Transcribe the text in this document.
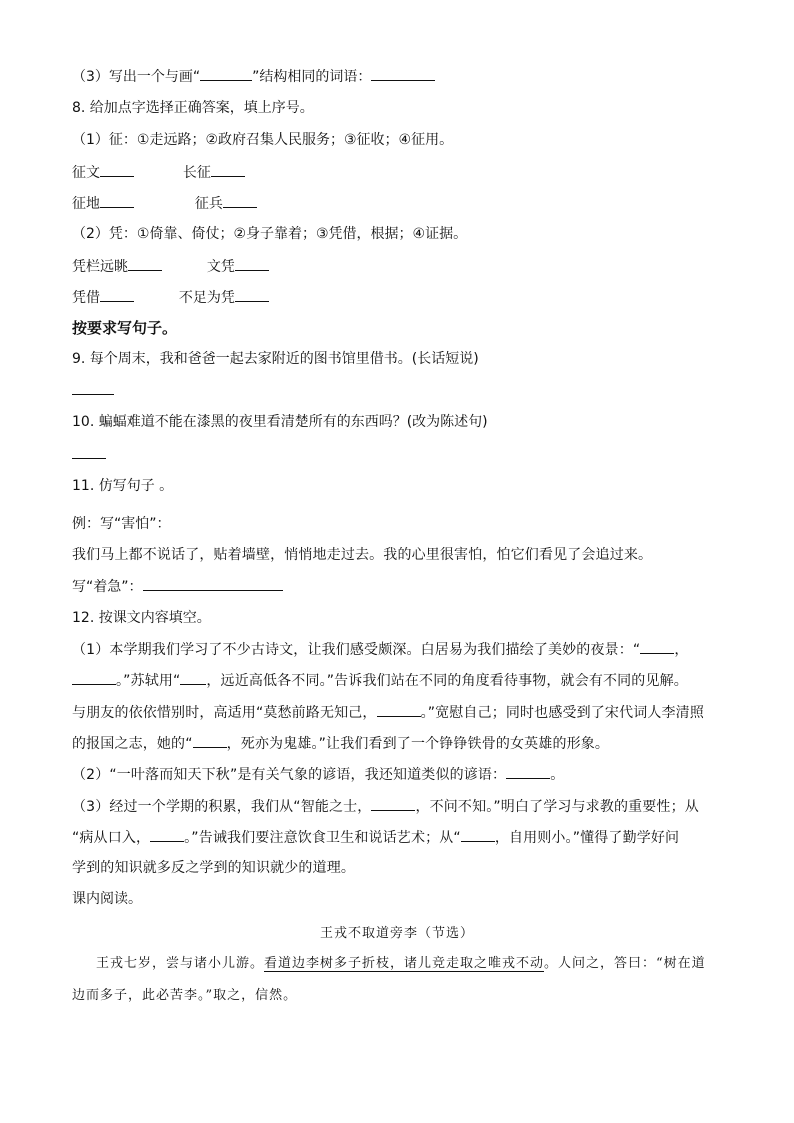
（3）写出一个与画“	”结构相同的词语：
8. 给加点字选择正确答案，填上序号。
（1）征：①走远路；②政府召集人民服务；③征收；④征用。
征文	长征
征地	征兵
（2）凭：①倚靠、倚仗；②身子靠着；③凭借，根据；④证据。
凭栏远眺	文凭
凭借	不足为凭
按要求写句子。
9. 每个周末，我和爸爸一起去家附近的图书馆里借书。(长话短说)
10. 蝙蝠难道不能在漆黑的夜里看清楚所有的东西吗？(改为陈述句)
11. 仿写句子 。
例：写“害怕”：
我们马上都不说话了，贴着墙壁，悄悄地走过去。我的心里很害怕，怕它们看见了会追过来。
写“着急”：
12. 按课文内容填空。
（1）本学期我们学习了不少古诗文，让我们感受颇深。白居易为我们描绘了美妙的夜景：“ ，
。”苏轼用“ ，远近高低各不同。”告诉我们站在不同的角度看待事物，就会有不同的见解。
与朋友的依依惜别时，高适用“莫愁前路无知己，	。”宽慰自己；同时也感受到了宋代词人李清照
的报国之志，她的“ ，死亦为鬼雄。”让我们看到了一个铮铮铁骨的女英雄的形象。
（2）“一叶落而知天下秋”是有关气象的谚语，我还知道类似的谚语：	。
（3）经过一个学期的积累，我们从“智能之士，	，不问不知。”明白了学习与求教的重要性；从
“病从口入， 。”告诫我们要注意饮食卫生和说话艺术；从“ ，自用则小。”懂得了勤学好问
学到的知识就多反之学到的知识就少的道理。
课内阅读。
王戎不取道旁李（节选）
王戎七岁，尝与诸小儿游。看道边李树多子折枝，诸儿竞走取之唯戎不动。人问之，答曰：“树在道
边而多子，此必苦李。”取之，信然。
